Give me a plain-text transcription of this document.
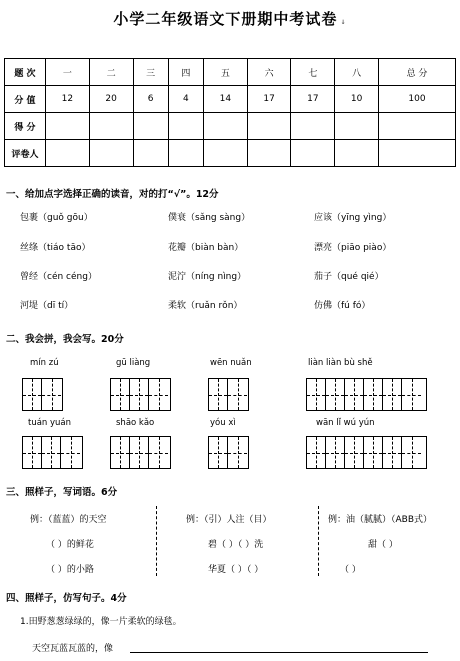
小学二年级语文下册期中考试卷 ↓
题 次	一	二	三	四	五	六	七	八	总 分
分 值	12	20	6	4	14	17	17	10	100
得 分									
评卷人									
一、给加点字选择正确的读音，对的打“√”。12分
包裹（guǒ gōu）	僕衰（sǎng sàng）	应该（yīng yìng）
丝绦（tiáo tāo）	花瓣（biàn bàn）	漂亮（piāo piào）
曾经（cén céng）	泥泞（níng nìng）	茄子（qué qié）
河堤（dī tí）	柔软（ruǎn rǒn）	仿佛（fú fó）
二、我会拼，我会写。20分
mín zú	gū liàng	wēn nuǎn	liàn liàn bù shě
tuán yuán	shāo kǎo	yóu xì	wān lǐ wú yún
三、照样子，写词语。6分
例：（蓝蓝）的天空
（ ）的鲜花
（ ）的小路
例：（引）人注（目）
碧（ ）（ ）洗
华夏（ ）（ ）
例：油（腻腻）（ABB式）
甜（ ）
（ ）
四、照样子，仿写句子。4分
1.田野葱葱绿绿的，像一片柔软的绿毯。
天空瓦蓝瓦蓝的，像
